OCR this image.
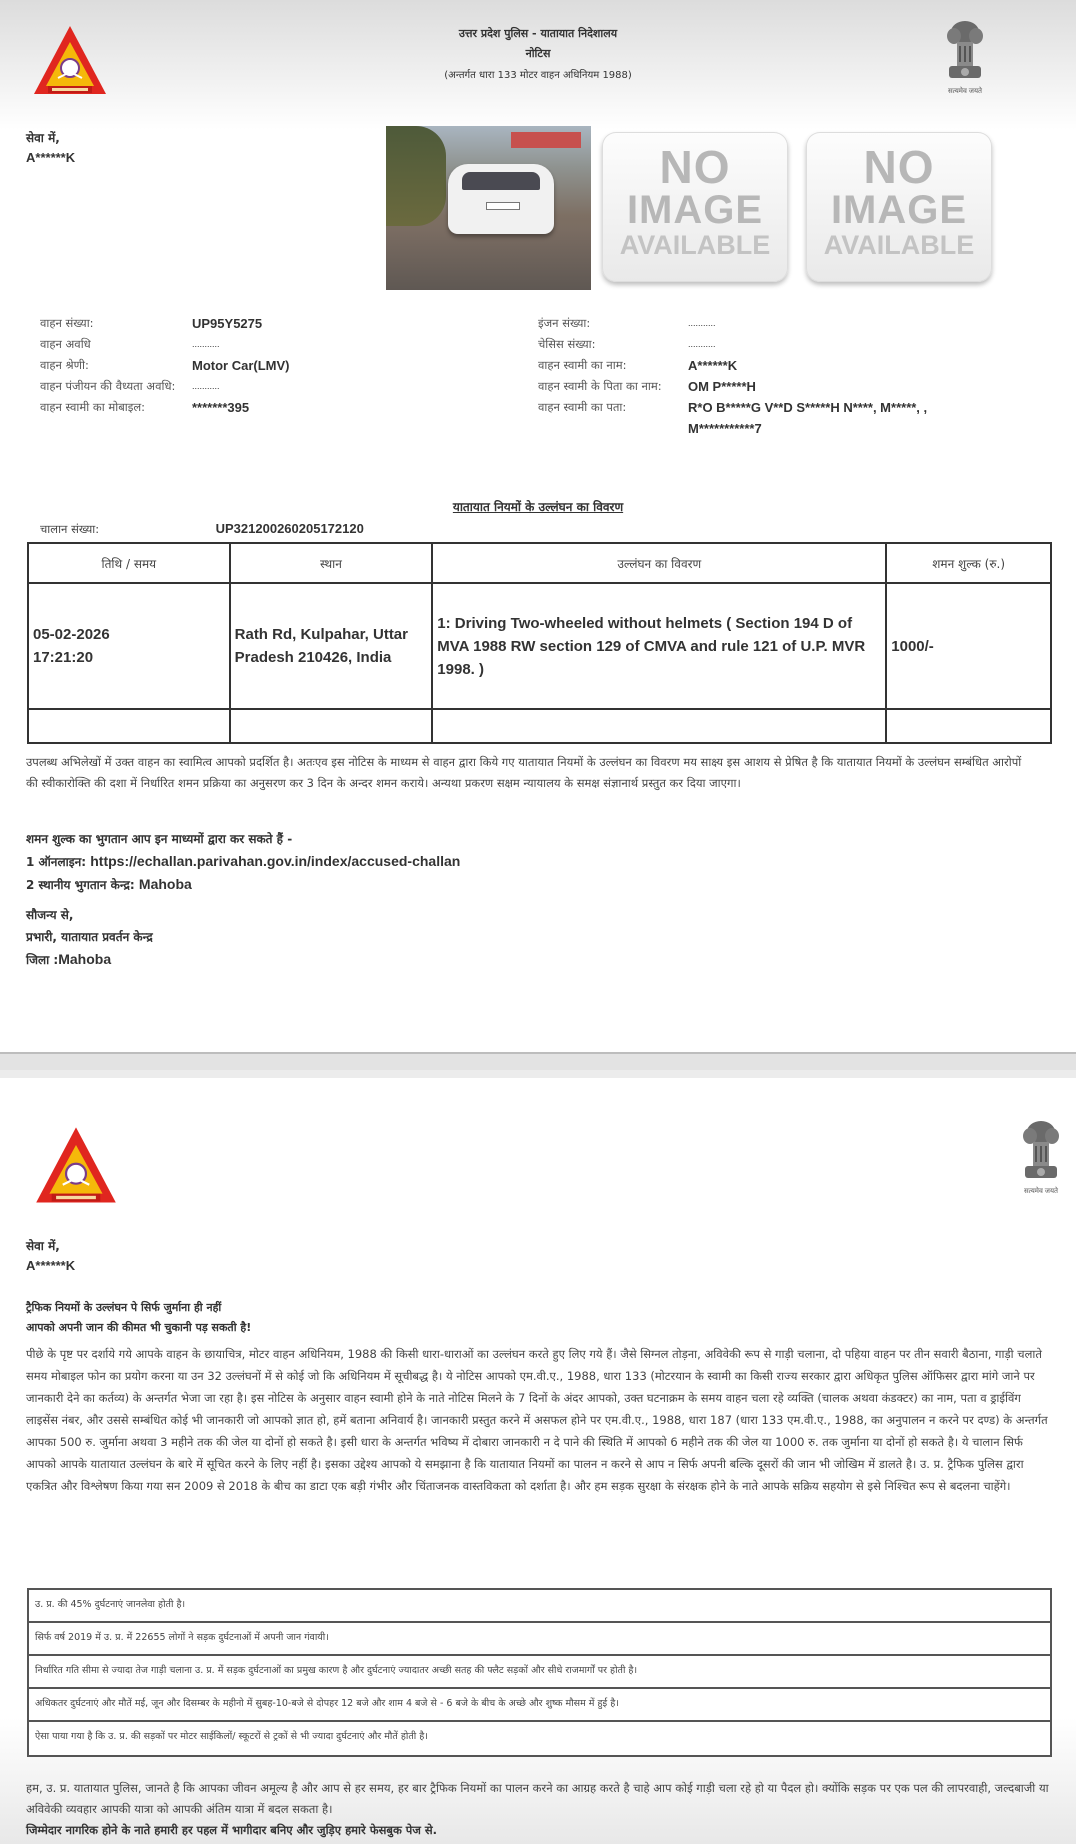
उत्तर प्रदेश पुलिस - यातायात निदेशालय
नोटिस
(अन्तर्गत धारा 133 मोटर वाहन अधिनियम 1988)
सत्यमेव जयते
सेवा में,
A******K	NO
IMAGE
AVAILABLE
NO
IMAGE
AVAILABLE
वाहन संख्या:	UP95Y5275
वाहन अवधि	...........
वाहन श्रेणी:	Motor Car(LMV)
वाहन पंजीयन की वैध्यता अवधि:	...........
वाहन स्वामी का मोबाइल:	*******395
इंजन संख्या:	...........
चेसिस संख्या:	...........
वाहन स्वामी का नाम:	A******K
वाहन स्वामी के पिता का नाम:	OM P*****H
वाहन स्वामी का पता:	R*O B*****G V**D S*****H N****, M*****, , M***********7
यातायात नियमों के उल्लंघन का विवरण
चालान संख्या:	UP32120026020517212​0
तिथि / समय	स्थान	उल्लंघन का विवरण	शमन शुल्क (रु.)

05-02-2026
17:21:20	Rath Rd, Kulpahar, Uttar Pradesh 210426, India	1: Driving Two-wheeled without helmets ( Section 194 D of MVA 1988 RW section 129 of CMVA and rule 121 of U.P. MVR 1998. )	1000/-

उपलब्ध अभिलेखों में उक्त वाहन का स्वामित्व आपको प्रदर्शित है। अतःएव इस नोटिस के माध्यम से वाहन द्वारा किये गए यातायात नियमों के उल्लंघन का विवरण मय साक्ष्य इस आशय से प्रेषित है कि यातायात नियमों के उल्लंघन सम्बंधित आरोपों की स्वीकारोक्ति की दशा में निर्धारित शमन प्रक्रिया का अनुसरण कर 3 दिन के अन्दर शमन कराये। अन्यथा प्रकरण सक्षम न्यायालय के समक्ष संज्ञानार्थ प्रस्तुत कर दिया जाएगा।
शमन शुल्क का भुगतान आप इन माध्यमों द्वारा कर सकते हैं -
1 ऑनलाइन: https://echallan.parivahan.gov.in/index/accused-challan
2 स्थानीय भुगतान केन्द्र: Mahoba
सौजन्य से,
प्रभारी, यातायात प्रवर्तन केन्द्र
जिला :Mahoba
सत्यमेव जयते
सेवा में,
A******K
ट्रैफिक नियमों के उल्लंघन पे सिर्फ जुर्माना ही नहीं
आपको अपनी जान की कीमत भी चुकानी पड़ सकती है!
पीछे के पृष्ट पर दर्शाये गये आपके वाहन के छायाचित्र, मोटर वाहन अधिनियम, 1988 की किसी धारा-धाराओं का उल्लंघन करते हुए लिए गये हैं। जैसे सिग्नल तोड़ना, अविवेकी रूप से गाड़ी चलाना, दो पहिया वाहन पर तीन सवारी बैठाना, गाड़ी चलाते समय मोबाइल फोन का प्रयोग करना या उन 32 उल्लंघनों में से कोई जो कि अधिनियम में सूचीबद्ध है। ये नोटिस आपको एम.वी.ए., 1988, धारा 133 (मोटरयान के स्वामी का किसी राज्य सरकार द्वारा अधिकृत पुलिस ऑफिसर द्वारा मांगे जाने पर जानकारी देने का कर्तव्य) के अन्तर्गत भेजा जा रहा है। इस नोटिस के अनुसार वाहन स्वामी होने के नाते नोटिस मिलने के 7 दिनों के अंदर आपको, उक्त घटनाक्रम के समय वाहन चला रहे व्यक्ति (चालक अथवा कंडक्टर) का नाम, पता व ड्राईविंग लाइसेंस नंबर, और उससे सम्बंधित कोई भी जानकारी जो आपको ज्ञात हो, हमें बताना अनिवार्य है। जानकारी प्रस्तुत करने में असफल होने पर एम.वी.ए., 1988, धारा 187 (धारा 133 एम.वी.ए., 1988, का अनुपालन न करने पर दण्ड) के अन्तर्गत आपका 500 रु. जुर्माना अथवा 3 महीने तक की जेल या दोनों हो सकते है। इसी धारा के अन्तर्गत भविष्य में दोबारा जानकारी न दे पाने की स्थिति में आपको 6 महीने तक की जेल या 1000 रु. तक जुर्माना या दोनों हो सकते है। ये चालान सिर्फ आपको आपके यातायात उल्लंघन के बारे में सूचित करने के लिए नहीं है। इसका उद्देश्य आपको ये समझाना है कि यातायात नियमों का पालन न करने से आप न सिर्फ अपनी बल्कि दूसरों की जान भी जोखिम में डालते है। उ. प्र. ट्रैफिक पुलिस द्वारा एकत्रित और विश्लेषण किया गया सन 2009 से 2018 के बीच का डाटा एक बड़ी गंभीर और चिंताजनक वास्तविकता को दर्शाता है। और हम सड़क सुरक्षा के संरक्षक होने के नाते आपके सक्रिय सहयोग से इसे निश्चित रूप से बदलना चाहेंगे।
उ. प्र. की 45% दुर्घटनाएं जानलेवा होती है।
सिर्फ वर्ष 2019 में उ. प्र. में 22655 लोगों ने सड़क दुर्घटनाओं में अपनी जान गंवायी।
निर्धारित गति सीमा से ज्यादा तेज गाड़ी चलाना उ. प्र. में सड़क दुर्घटनाओं का प्रमुख कारण है और दुर्घटनाएं ज्यादातर अच्छी सतह की फ्लैट सड़कों और सीधे राजमार्गों पर होती है।
अधिकतर दुर्घटनाएं और मौतें मई, जून और दिसम्बर के महीनो में सुबह-10-बजे से दोपहर 12 बजे और शाम 4 बजे से - 6 बजे के बीच के अच्छे और शुष्क मौसम में हुई है।
ऐसा पाया गया है कि उ. प्र. की सड़कों पर मोटर साईकिलों/ स्कूटरों से ट्रकों से भी ज्यादा दुर्घटनाएं और मौतें होती है।
हम, उ. प्र. यातायात पुलिस, जानते है कि आपका जीवन अमूल्य है और आप से हर समय, हर बार ट्रैफिक नियमों का पालन करने का आग्रह करते है चाहे आप कोई गाड़ी चला रहे हो या पैदल हो। क्योंकि सड़क पर एक पल की लापरवाही, जल्दबाजी या अविवेकी व्यवहार आपकी यात्रा को आपकी अंतिम यात्रा में बदल सकता है।
जिम्मेदार नागरिक होने के नाते हमारी हर पहल में भागीदार बनिए और जुड़िए हमारे फेसबुक पेज से.
